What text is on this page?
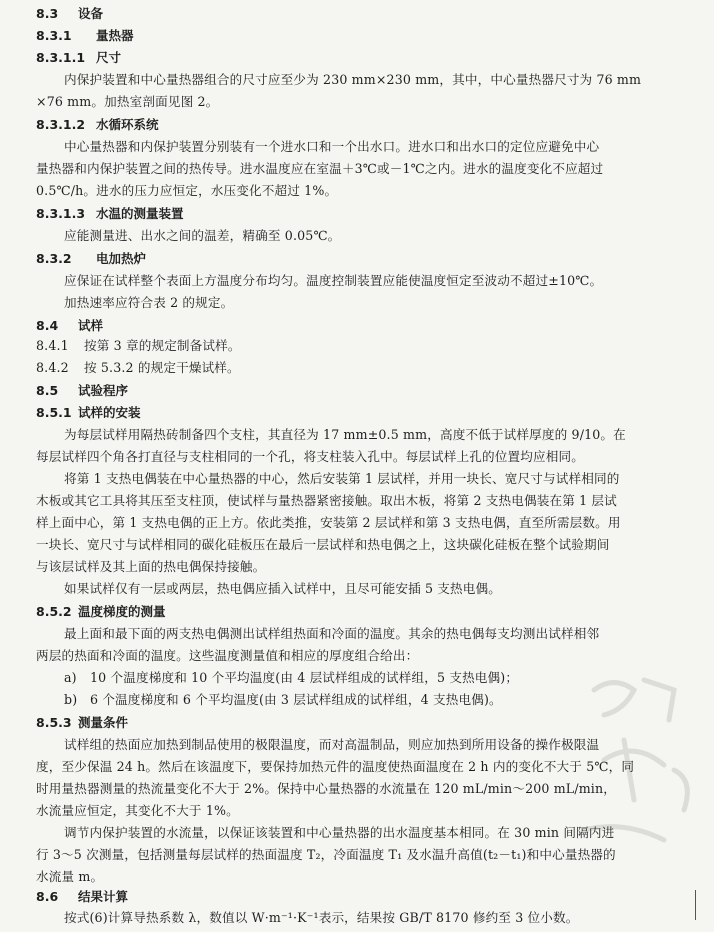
8.3 设备
8.3.1 量热器
8.3.1.1 尺寸
内保护装置和中心量热器组合的尺寸应至少为 230 mm×230 mm，其中，中心量热器尺寸为 76 mm
×76 mm。加热室剖面见图 2。
8.3.1.2 水循环系统
中心量热器和内保护装置分别装有一个进水口和一个出水口。进水口和出水口的定位应避免中心
量热器和内保护装置之间的热传导。进水温度应在室温＋3℃或－1℃之内。进水的温度变化不应超过
0.5℃/h。进水的压力应恒定，水压变化不超过 1%。
8.3.1.3 水温的测量装置
应能测量进、出水之间的温差，精确至 0.05℃。
8.3.2 电加热炉
应保证在试样整个表面上方温度分布均匀。温度控制装置应能使温度恒定至波动不超过±10℃。
加热速率应符合表 2 的规定。
8.4 试样
8.4.1 按第 3 章的规定制备试样。
8.4.2 按 5.3.2 的规定干燥试样。
8.5 试验程序
8.5.1 试样的安装
为每层试样用隔热砖制备四个支柱，其直径为 17 mm±0.5 mm，高度不低于试样厚度的 9/10。在
每层试样四个角各打直径与支柱相同的一个孔，将支柱装入孔中。每层试样上孔的位置均应相同。
将第 1 支热电偶装在中心量热器的中心，然后安装第 1 层试样，并用一块长、宽尺寸与试样相同的
木板或其它工具将其压至支柱顶，使试样与量热器紧密接触。取出木板，将第 2 支热电偶装在第 1 层试
样上面中心，第 1 支热电偶的正上方。依此类推，安装第 2 层试样和第 3 支热电偶，直至所需层数。用
一块长、宽尺寸与试样相同的碳化硅板压在最后一层试样和热电偶之上，这块碳化硅板在整个试验期间
与该层试样及其上面的热电偶保持接触。
如果试样仅有一层或两层，热电偶应插入试样中，且尽可能安插 5 支热电偶。
8.5.2 温度梯度的测量
最上面和最下面的两支热电偶测出试样组热面和冷面的温度。其余的热电偶每支均测出试样相邻
两层的热面和冷面的温度。这些温度测量值和相应的厚度组合给出：
a) 10 个温度梯度和 10 个平均温度(由 4 层试样组成的试样组，5 支热电偶)；
b) 6 个温度梯度和 6 个平均温度(由 3 层试样组成的试样组，4 支热电偶)。
8.5.3 测量条件
试样组的热面应加热到制品使用的极限温度，而对高温制品，则应加热到所用设备的操作极限温
度，至少保温 24 h。然后在该温度下，要保持加热元件的温度使热面温度在 2 h 内的变化不大于 5℃，同
时用量热器测量的热流量变化不大于 2%。保持中心量热器的水流量在 120 mL/min～200 mL/min，
水流量应恒定，其变化不大于 1%。
调节内保护装置的水流量，以保证该装置和中心量热器的出水温度基本相同。在 30 min 间隔内进
行 3～5 次测量，包括测量每层试样的热面温度 T₂，冷面温度 T₁ 及水温升高值(t₂－t₁)和中心量热器的
水流量 m。
8.6 结果计算
按式(6)计算导热系数 λ，数值以 W·m⁻¹·K⁻¹表示，结果按 GB/T 8170 修约至 3 位小数。
